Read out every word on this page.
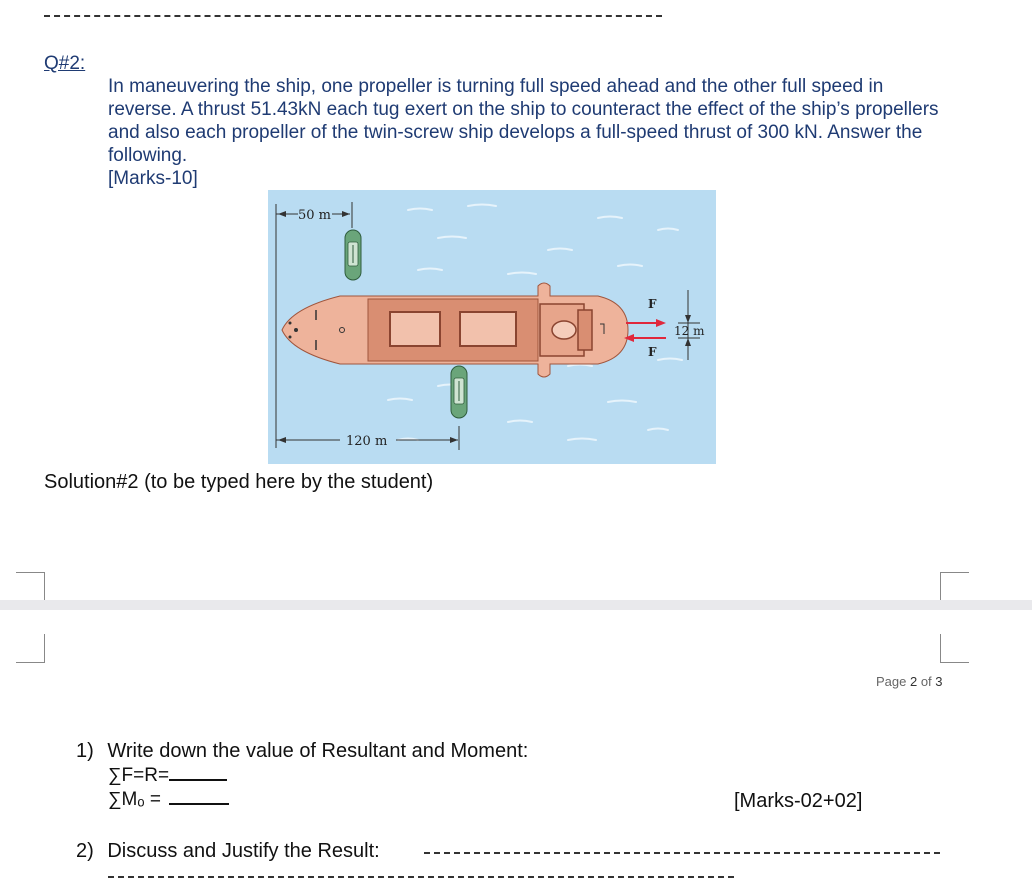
Q#2:
In maneuvering the ship, one propeller is turning full speed ahead and the other full speed in reverse. A thrust 51.43kN each tug exert on the ship to counteract the effect of the ship’s propellers and also each propeller of the twin-screw ship develops a full-speed thrust of 300 kN. Answer the following.
[Marks-10]
50 m
F
F
12 m
120 m
Solution#2 (to be typed here by the student)
Page 2 of 3
1) Write down the value of Resultant and Moment:
∑F=R=
∑Mₒ =	[Marks-02+02]
2) Discuss and Justify the Result:
